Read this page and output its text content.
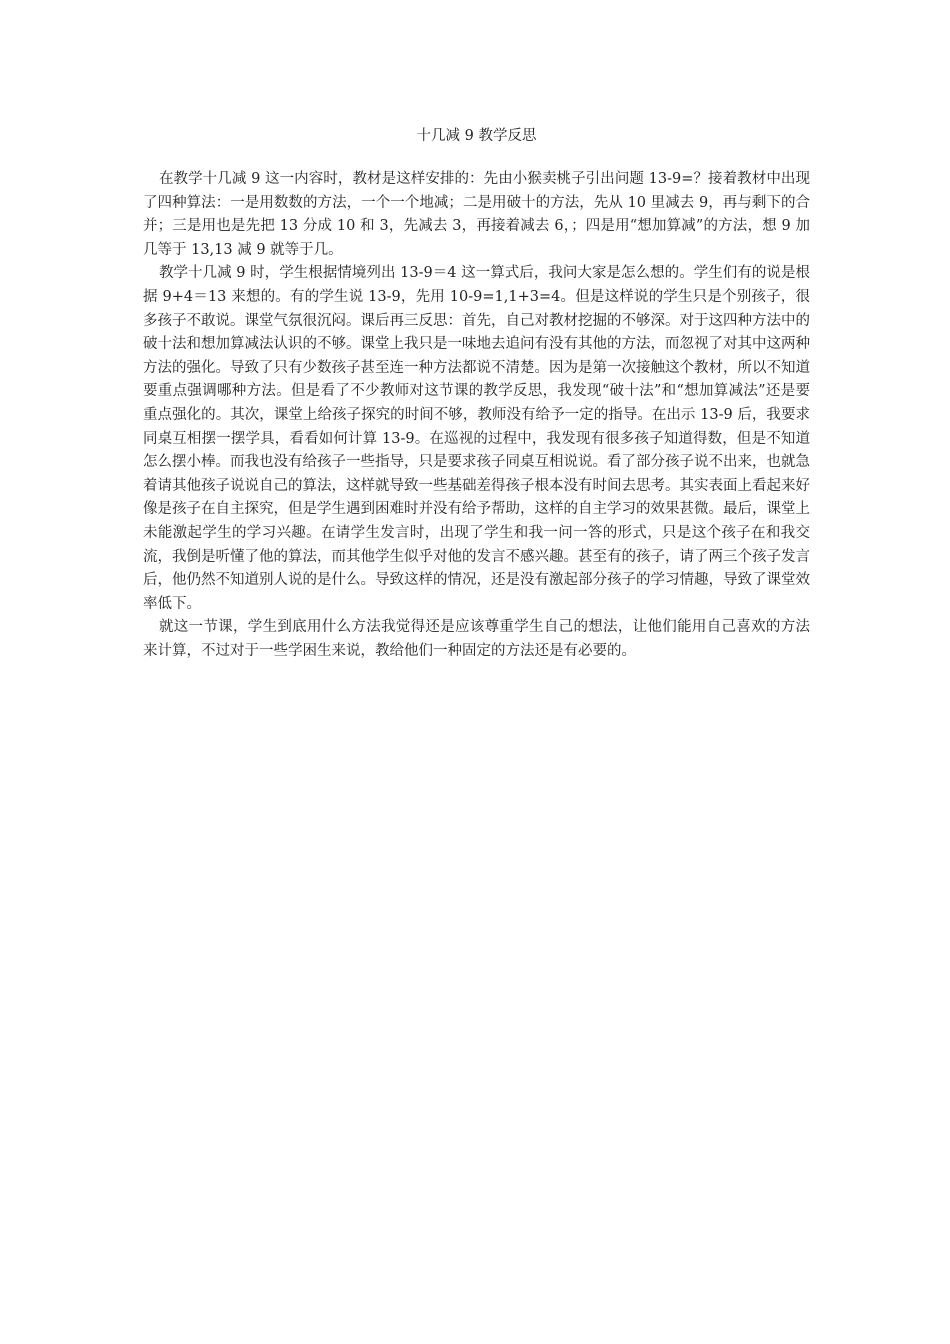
十几减 9 教学反思

在教学十几减 9 这一内容时，教材是这样安排的：先由小猴卖桃子引出问题 13-9=？接着教材中出现了四种算法：一是用数数的方法，一个一个地减；二是用破十的方法，先从 10 里减去 9，再与剩下的合并；三是用也是先把 13 分成 10 和 3，先减去 3，再接着减去 6，；四是用“想加算减”的方法，想 9 加几等于 13,13 减 9 就等于几。

教学十几减 9 时，学生根据情境列出 13-9＝4 这一算式后，我问大家是怎么想的。学生们有的说是根据 9+4＝13 来想的。有的学生说 13-9，先用 10-9=1,1+3=4。但是这样说的学生只是个别孩子，很多孩子不敢说。课堂气氛很沉闷。课后再三反思：首先，自己对教材挖掘的不够深。对于这四种方法中的破十法和想加算减法认识的不够。课堂上我只是一味地去追问有没有其他的方法，而忽视了对其中这两种方法的强化。导致了只有少数孩子甚至连一种方法都说不清楚。因为是第一次接触这个教材，所以不知道要重点强调哪种方法。但是看了不少教师对这节课的教学反思，我发现“破十法”和“想加算减法”还是要重点强化的。其次，课堂上给孩子探究的时间不够，教师没有给予一定的指导。在出示 13-9 后，我要求同桌互相摆一摆学具，看看如何计算 13-9。在巡视的过程中，我发现有很多孩子知道得数，但是不知道怎么摆小棒。而我也没有给孩子一些指导，只是要求孩子同桌互相说说。看了部分孩子说不出来，也就急着请其他孩子说说自己的算法，这样就导致一些基础差得孩子根本没有时间去思考。其实表面上看起来好像是孩子在自主探究，但是学生遇到困难时并没有给予帮助，这样的自主学习的效果甚微。最后，课堂上未能激起学生的学习兴趣。在请学生发言时，出现了学生和我一问一答的形式，只是这个孩子在和我交流，我倒是听懂了他的算法，而其他学生似乎对他的发言不感兴趣。甚至有的孩子，请了两三个孩子发言后，他仍然不知道别人说的是什么。导致这样的情况，还是没有激起部分孩子的学习情趣，导致了课堂效率低下。

就这一节课，学生到底用什么方法我觉得还是应该尊重学生自己的想法，让他们能用自己喜欢的方法来计算，不过对于一些学困生来说，教给他们一种固定的方法还是有必要的。
